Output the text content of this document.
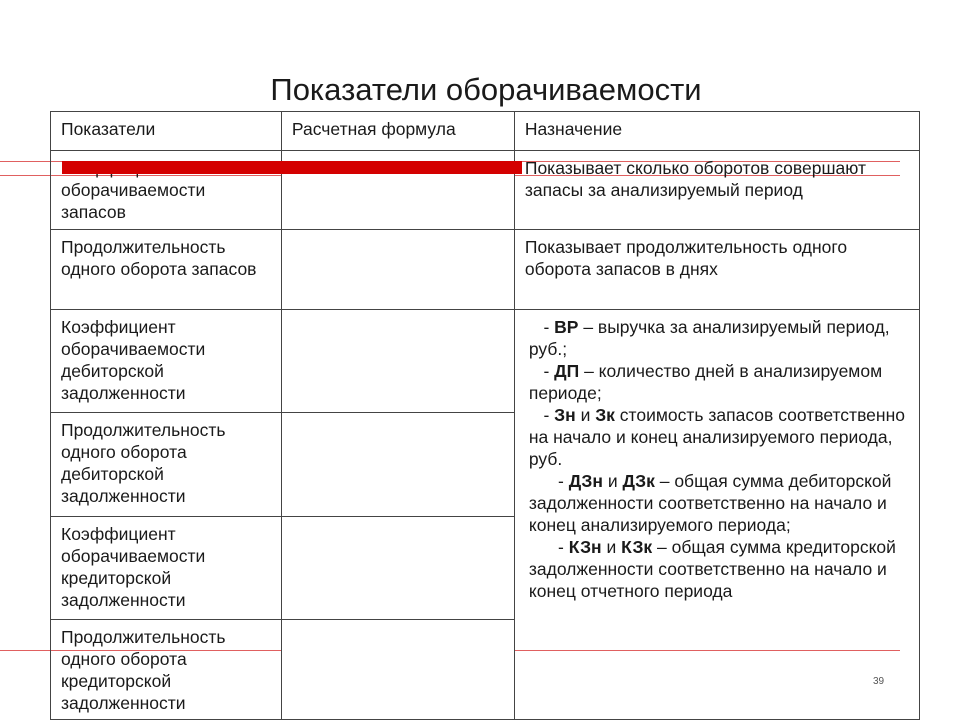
Показатели оборачиваемости
Показатели	Расчетная формула	Назначение
оборачиваемости запасов		Показывает сколько оборотов совершают запасы за анализируемый период
Продолжительность одного оборота запасов		Показывает продолжительность одного оборота запасов в днях
Коэффициент оборачиваемости дебиторской задолженности		- ВР – выручка за анализируемый период, руб.;
- ДП – количество дней в анализируемом периоде;
- Зн и Зк стоимость запасов соответственно на начало и конец анализируемого периода, руб.
- ДЗн и ДЗк – общая сумма дебиторской задолженности соответственно на начало и конец анализируемого периода;
- КЗн и КЗк – общая сумма кредиторской задолженности соответственно на начало и конец отчетного периода

Продолжительность одного оборота дебиторской задолженности		

Коэффициент оборачиваемости кредиторской задолженности		

Продолжительность одного оборота кредиторской задолженности		
39
